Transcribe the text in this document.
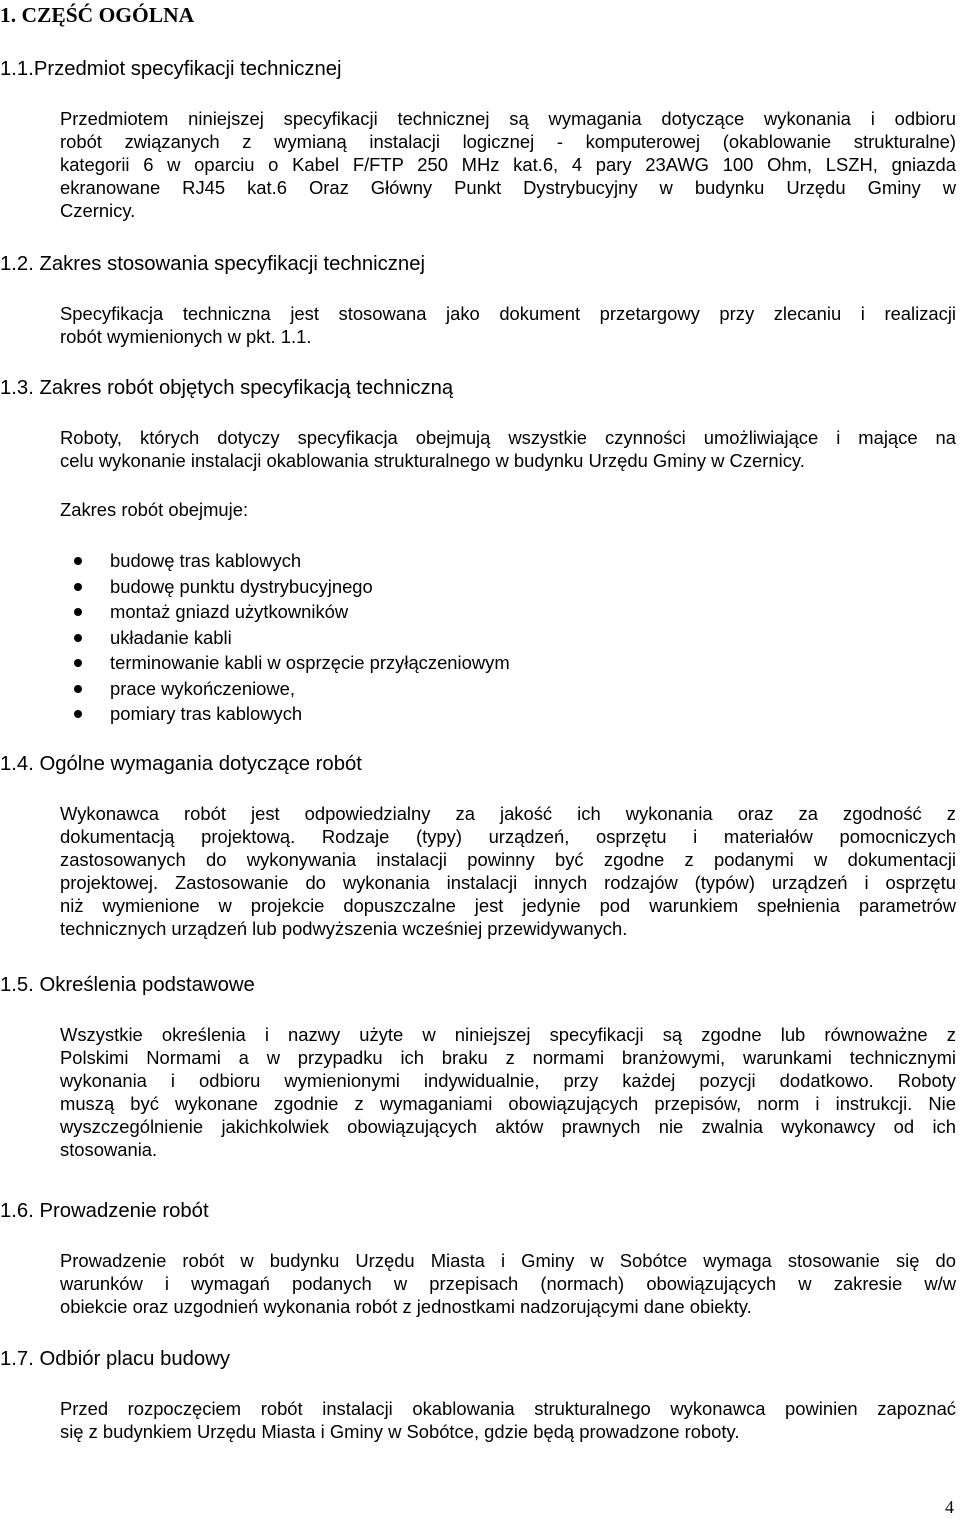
1. CZĘŚĆ OGÓLNA
1.1.Przedmiot specyfikacji technicznej
Przedmiotem niniejszej specyfikacji technicznej są wymagania dotyczące wykonania i odbioru
robót związanych z wymianą instalacji logicznej - komputerowej (okablowanie strukturalne)
kategorii 6 w oparciu o Kabel F/FTP 250 MHz kat.6, 4 pary 23AWG 100 Ohm, LSZH, gniazda
ekranowane RJ45 kat.6 Oraz Główny Punkt Dystrybucyjny w budynku Urzędu Gminy w
Czernicy.
1.2. Zakres stosowania specyfikacji technicznej
Specyfikacja techniczna jest stosowana jako dokument przetargowy przy zlecaniu i realizacji
robót wymienionych w pkt. 1.1.
1.3. Zakres robót objętych specyfikacją techniczną
Roboty, których dotyczy specyfikacja obejmują wszystkie czynności umożliwiające i mające na
celu wykonanie instalacji okablowania strukturalnego w budynku Urzędu Gminy w Czernicy.
Zakres robót obejmuje:
budowę tras kablowych
budowę punktu dystrybucyjnego
montaż gniazd użytkowników
układanie kabli
terminowanie kabli w osprzęcie przyłączeniowym
prace wykończeniowe,
pomiary tras kablowych
1.4. Ogólne wymagania dotyczące robót
Wykonawca robót jest odpowiedzialny za jakość ich wykonania oraz za zgodność z
dokumentacją projektową. Rodzaje (typy) urządzeń, osprzętu i materiałów pomocniczych
zastosowanych do wykonywania instalacji powinny być zgodne z podanymi w dokumentacji
projektowej. Zastosowanie do wykonania instalacji innych rodzajów (typów) urządzeń i osprzętu
niż wymienione w projekcie dopuszczalne jest jedynie pod warunkiem spełnienia parametrów
technicznych urządzeń lub podwyższenia wcześniej przewidywanych.
1.5. Określenia podstawowe
Wszystkie określenia i nazwy użyte w niniejszej specyfikacji są zgodne lub równoważne z
Polskimi Normami a w przypadku ich braku z normami branżowymi, warunkami technicznymi
wykonania i odbioru wymienionymi indywidualnie, przy każdej pozycji dodatkowo. Roboty
muszą być wykonane zgodnie z wymaganiami obowiązujących przepisów, norm i instrukcji. Nie
wyszczególnienie jakichkolwiek obowiązujących aktów prawnych nie zwalnia wykonawcy od ich
stosowania.
1.6. Prowadzenie robót
Prowadzenie robót w budynku Urzędu Miasta i Gminy w Sobótce wymaga stosowanie się do
warunków i wymagań podanych w przepisach (normach) obowiązujących w zakresie w/w
obiekcie oraz uzgodnień wykonania robót z jednostkami nadzorującymi dane obiekty.
1.7. Odbiór placu budowy
Przed rozpoczęciem robót instalacji okablowania strukturalnego wykonawca powinien zapoznać
się z budynkiem Urzędu Miasta i Gminy w Sobótce, gdzie będą prowadzone roboty.
4
